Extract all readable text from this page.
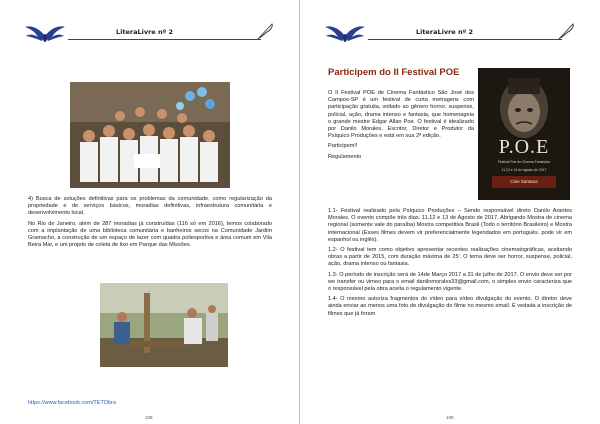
LiteraLivre nº 2

4) Busca de soluções definitivas para os problemas da comunidade, como regularização da propriedade e de serviços básicos, moradias definitivas, infraestrutura comunitária e desenvolvimento local.

No Rio de Janeiro, além de 287 moradias já construídas (116 só em 2016), temos colaborado com a implantação de uma biblioteca comunitária e banheiros secos na Comunidade Jardim Gramacho, a construção de um espaço de lazer com quadra poliesportiva e área comum em Vila Beira Mar, e um projeto de coleta de lixo em Parque das Missões.

https://www.facebook.com/TETObra
108
LiteraLivre nº 2
Participem do II Festival POE

O II Festival POE de Cinema Fantástico São José dos Campos-SP é um festival de curta metragens com participação gratuita, voltado ao gênero horror, suspense, policial, ação, drama intenso e fantasia, que homenageia o grande mestre Edgar Allan Poe. O festival é idealizado por Danilo Morales, Escritor, Diretor e Produtor da Psíquico Produções e está em sua 2ª edição.

Participem!!

Regulamento

1.1- Festival realizado pela Psíquico Produções – Sendo responsável direto Danilo Arantes Morales. O evento compõe três dias. 11,12 e 13 de Agosto de 2017. Abrigando Mostra de cinema regional (somente vale do paraíba) Mostra competitiva Brasil (Todo o território Brasileiro) e Mostra internacional (Esses filmes devem vir preferencialmente legendados em português. pode vir em espanhol ou inglês).

1.2- O festival tem como objetivo apresentar recentes realizações cinematográficas, aceitando obras a partir de 2015, com duração máxima de 25'. O tema deve ser horror, suspense, policial, ação, drama intenso ou fantasia.

1.3- O período de inscrição será de 14de Março 2017 a 31 de julho de 2017. O envio deve ser por we transfer ou vimeo para o email danilomorales33@gmail.com, o simples envio caracteriza que o responsável pela obra aceita o regulamento vigente.

1.4- O mesmo autoriza fragmentos do vídeo para vídeo divulgação do evento. O diretor deve ainda enviar ao menos uma foto de divulgação do filme no mesmo email. É vedada a inscrição de filmes que já foram

109
P.O.E
Festival Poe de Cinema Fantástico
11,12 e 13 de agosto de 2017
Cine Santana
